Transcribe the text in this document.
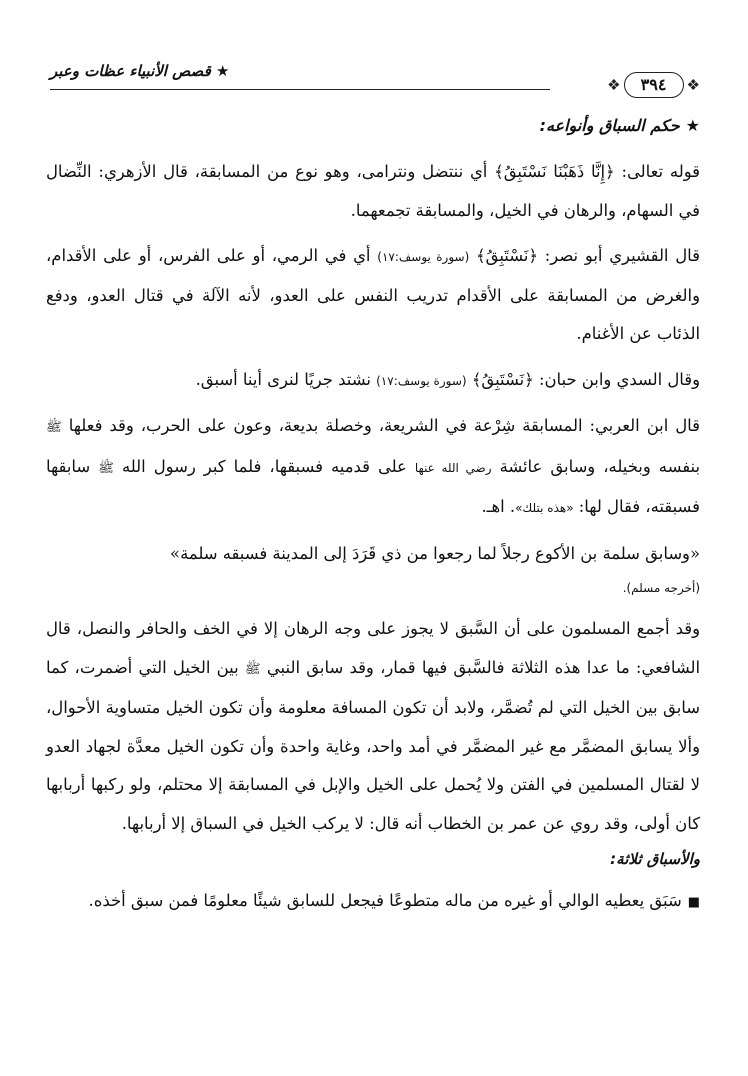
❖	٣٩٤	❖
★ قصص الأنبياء عظات وعبر
★حكم السباق وأنواعه:

قوله تعالى: ﴿إِنَّا ذَهَبْنَا نَسْتَبِقُ﴾ أي ننتضل ونترامى، وهو نوع من المسابقة، قال الأزهري: النِّضال في السهام، والرهان في الخيل، والمسابقة تجمعهما.

قال القشيري أبو نصر: ﴿نَسْتَبِقُ﴾ (سورة يوسف:١٧) أي في الرمي، أو على الفرس، أو على الأقدام، والغرض من المسابقة على الأقدام تدريب النفس على العدو، لأنه الآلة في قتال العدو، ودفع الذئاب عن الأغنام.

وقال السدي وابن حبان: ﴿نَسْتَبِقُ﴾ (سورة يوسف:١٧) نشتد جريًا لنرى أينا أسبق.

قال ابن العربي: المسابقة شِرْعة في الشريعة، وخصلة بديعة، وعون على الحرب، وقد فعلها ﷺ بنفسه وبخيله، وسابق عائشة رضي الله عنها على قدميه فسبقها، فلما كبر رسول الله ﷺ سابقها فسبقته، فقال لها: «هذه بتلك». اهـ.

«وسابق سلمة بن الأكوع رجلاً لما رجعوا من ذي قَرَدَ إلى المدينة فسبقه سلمة»
(أخرجه مسلم).

وقد أجمع المسلمون على أن السَّبق لا يجوز على وجه الرهان إلا في الخف والحافر والنصل، قال الشافعي: ما عدا هذه الثلاثة فالسَّبق فيها قمار، وقد سابق النبي ﷺ بين الخيل التي أضمرت، كما سابق بين الخيل التي لم تُضمَّر، ولابد أن تكون المسافة معلومة وأن تكون الخيل متساوية الأحوال، وألا يسابق المضمَّر مع غير المضمَّر في أمد واحد، وغاية واحدة وأن تكون الخيل معدَّة لجهاد العدو لا لقتال المسلمين في الفتن ولا يُحمل على الخيل والإبل في المسابقة إلا محتلم، ولو ركبها أربابها كان أولى، وقد روي عن عمر بن الخطاب أنه قال: لا يركب الخيل في السباق إلا أربابها.

والأسباق ثلاثة:

■سَبَق يعطيه الوالي أو غيره من ماله متطوعًا فيجعل للسابق شيئًا معلومًا فمن سبق أخذه.
